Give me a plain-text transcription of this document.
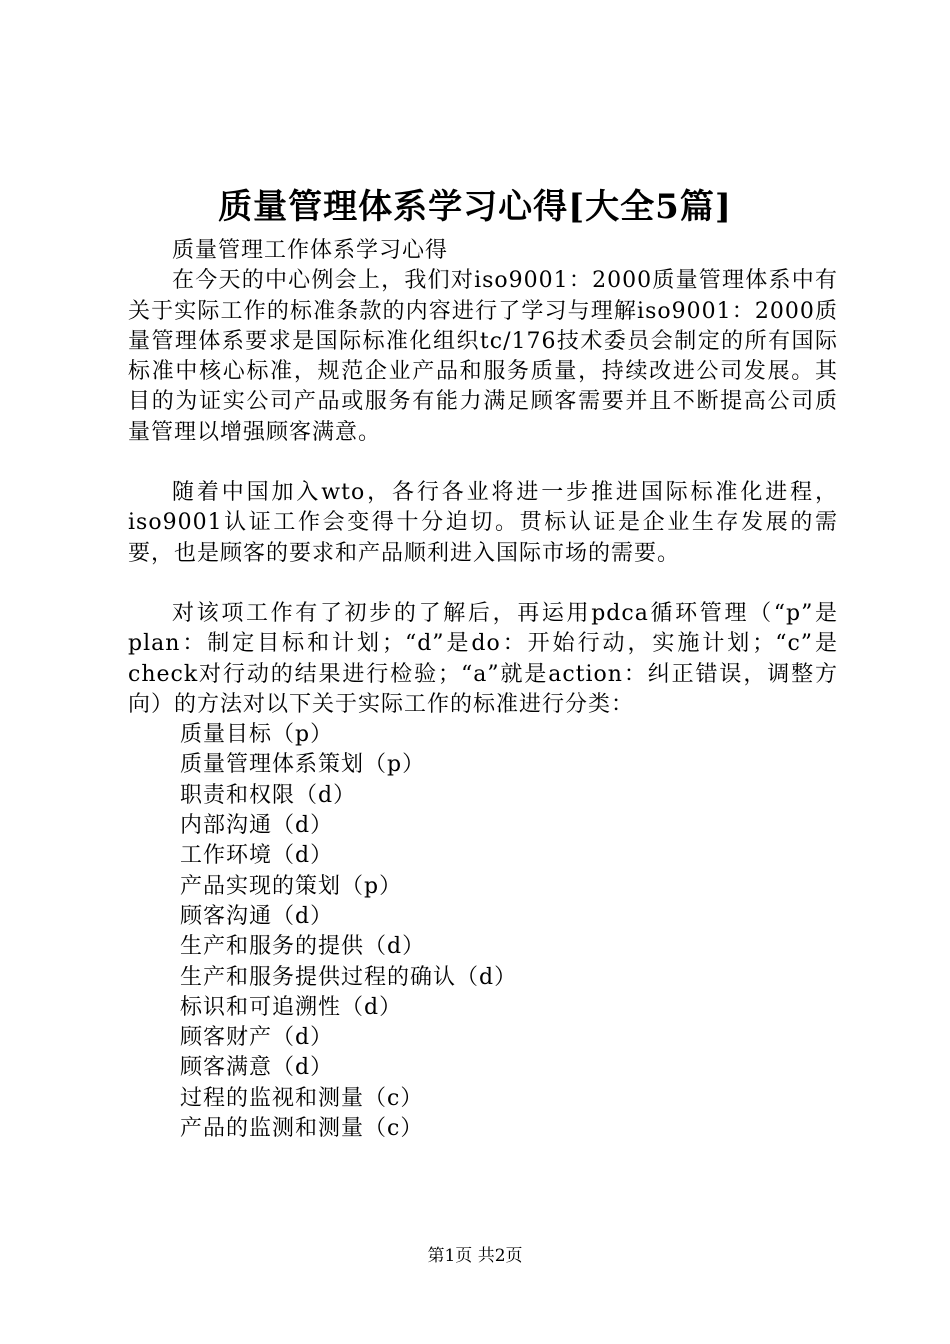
质量管理体系学习心得[大全5篇]

质量管理工作体系学习心得

在今天的中心例会上，我们对iso9001：2000质量管理体系中有关于实际工作的标准条款的内容进行了学习与理解iso9001：2000质量管理体系要求是国际标准化组织tc/176技术委员会制定的所有国际标准中核心标准，规范企业产品和服务质量，持续改进公司发展。其目的为证实公司产品或服务有能力满足顾客需要并且不断提高公司质量管理以增强顾客满意。

随着中国加入wto，各行各业将进一步推进国际标准化进程，iso9001认证工作会变得十分迫切。贯标认证是企业生存发展的需要，也是顾客的要求和产品顺利进入国际市场的需要。

对该项工作有了初步的了解后，再运用pdca循环管理（“p”是plan：制定目标和计划；“d”是do：开始行动，实施计划；“c”是check对行动的结果进行检验；“a”就是action：纠正错误，调整方向）的方法对以下关于实际工作的标准进行分类：

质量目标（p）
质量管理体系策划（p）
职责和权限（d）
内部沟通（d）
工作环境（d）
产品实现的策划（p）
顾客沟通（d）
生产和服务的提供（d）
生产和服务提供过程的确认（d）
标识和可追溯性（d）
顾客财产（d）
顾客满意（d）
过程的监视和测量（c）
产品的监测和测量（c）
第1页 共2页
